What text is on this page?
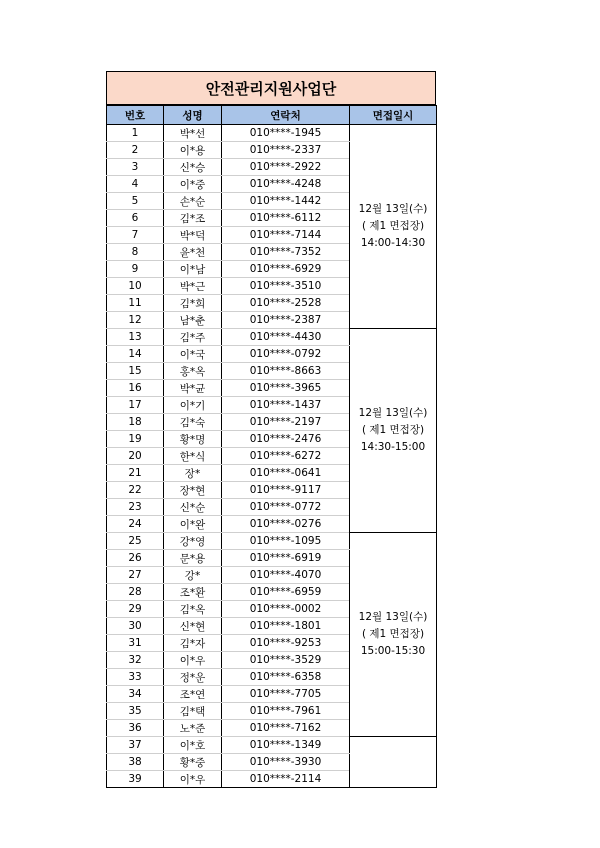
안전관리지원사업단
번호	성명	연락처	면접일시
1	박*선	010****-1945	12월 13일(수)
( 제1 면접장)
14:00-14:30

2	이*용	010****-2337	
3	신*승	010****-2922	
4	이*중	010****-4248	
5	손*순	010****-1442	
6	김*조	010****-6112	
7	박*덕	010****-7144	
8	윤*천	010****-7352	
9	이*남	010****-6929	
10	박*근	010****-3510	
11	김*희	010****-2528	
12	남*춘	010****-2387	
13	김*주	010****-4430	12월 13일(수)
( 제1 면접장)
14:30-15:00

14	이*국	010****-0792	
15	홍*옥	010****-8663	
16	박*균	010****-3965	
17	이*기	010****-1437	
18	김*숙	010****-2197	
19	황*명	010****-2476	
20	한*식	010****-6272	
21	장*	010****-0641	
22	장*현	010****-9117	
23	신*순	010****-0772	
24	이*완	010****-0276	
25	강*영	010****-1095	12월 13일(수)
( 제1 면접장)
15:00-15:30

26	문*용	010****-6919	
27	강*	010****-4070	
28	조*환	010****-6959	
29	김*옥	010****-0002	
30	신*현	010****-1801	
31	김*자	010****-9253	
32	이*우	010****-3529	
33	정*운	010****-6358	
34	조*연	010****-7705	
35	김*택	010****-7961	
36	노*준	010****-7162	
37	이*호	010****-1349	
38	황*중	010****-3930	
39	이*우	010****-2114	
